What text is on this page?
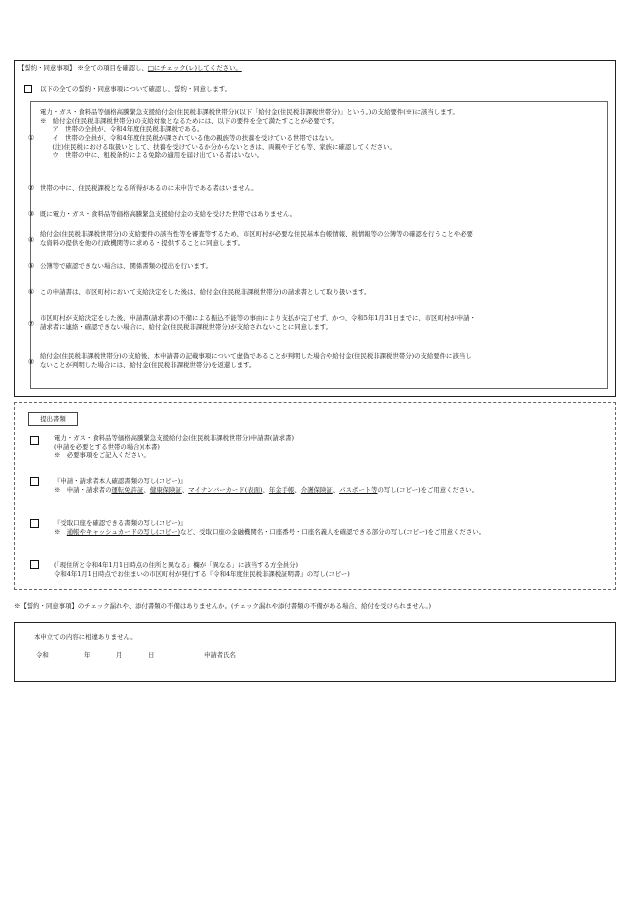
【誓約・同意事項】 ※全ての項目を確認し、□にチェック(レ)してください。
以下の全ての誓約・同意事項について確認し、誓約・同意します。
①
電力・ガス・食料品等価格高騰緊急支援給付金(住民税非課税世帯分)(以下「給付金(住民税非課税世帯分)」という。)の支給要件(※)に該当します。
※　給付金(住民税非課税世帯分)の支給対象となるためには、以下の要件を全て満たすことが必要です。
　ア　世帯の全員が、令和4年度住民税非課税である。
　イ　世帯の全員が、令和4年度住民税が課されている他の親族等の扶養を受けている世帯ではない。
　(注)住民税における取扱いとして、扶養を受けているか分からないときは、両親や子ども等、家族に確認してください。
　ウ　世帯の中に、租税条約による免除の適用を届け出ている者はいない。
② 世帯の中に、住民税課税となる所得があるのに未申告である者はいません。
③ 既に電力・ガス・食料品等価格高騰緊急支援給付金の支給を受けた世帯ではありません。
④
給付金(住民税非課税世帯分)の支給要件の該当性等を審査等するため、市区町村が必要な住民基本台帳情報、税情報等の公簿等の確認を行うことや必要
な資料の提供を他の行政機関等に求める・提供することに同意します。
⑤ 公簿等で確認できない場合は、関係書類の提出を行います。
⑥ この申請書は、市区町村において支給決定をした後は、給付金(住民税非課税世帯分)の請求書として取り扱います。
⑦
市区町村が支給決定をした後、申請書(請求書)の不備による振込不能等の事由により支払が完了せず、かつ、令和5年1月31日までに、市区町村が申請・
請求者に連絡・確認できない場合に、給付金(住民税非課税世帯分)が支給されないことに同意します。
⑧
給付金(住民税非課税世帯分)の支給後、本申請書の記載事項について虚偽であることが判明した場合や給付金(住民税非課税世帯分)の支給要件に該当し
ないことが判明した場合には、給付金(住民税非課税世帯分)を返還します。
提出書類
電力・ガス・食料品等価格高騰緊急支援給付金(住民税非課税世帯分)申請書(請求書)
(申請を必要とする世帯の場合)(本書)
※　必要事項をご記入ください。
『申請・請求者本人確認書類の写し(コピー)』
※　申請・請求者の運転免許証、健康保険証、マイナンバーカード(表面)、年金手帳、介護保険証、パスポート等の写し(コピー)をご用意ください。
『受取口座を確認できる書類の写し(コピー)』
※　通帳やキャッシュカードの写し(コピー)など、受取口座の金融機関名・口座番号・口座名義人を確認できる部分の写し(コピー)をご用意ください。
(「現住所と令和4年1月1日時点の住所と異なる」欄が「異なる」に該当する方全員分)
令和4年1月1日時点でお住まいの市区町村が発行する『令和4年度住民税非課税証明書』の写し(コピー)
※【誓約・同意事項】のチェック漏れや、添付書類の不備はありませんか。(チェック漏れや添付書類の不備がある場合、給付を受けられません。)
本申立ての内容に相違ありません。
令和	年	月	日	申請者氏名
